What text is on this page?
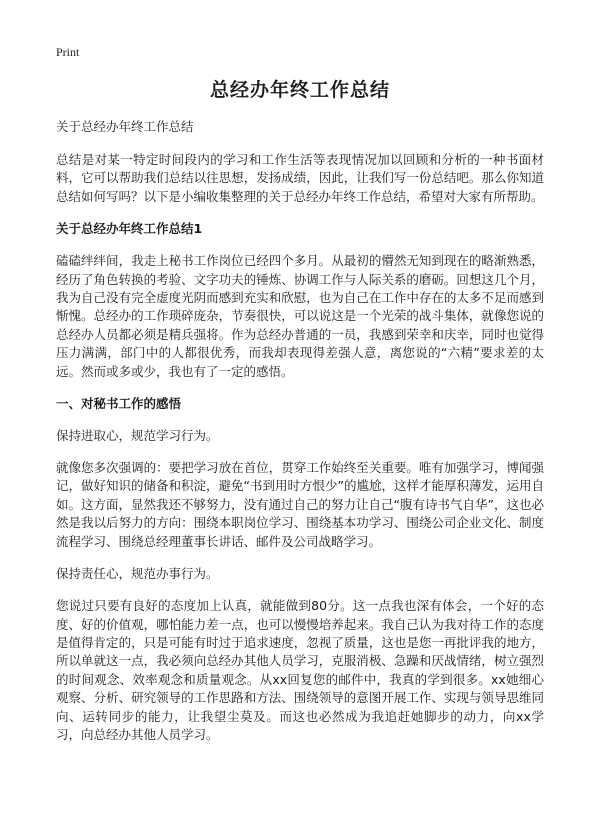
Print
总经办年终工作总结
关于总经办年终工作总结

总结是对某一特定时间段内的学习和工作生活等表现情况加以回顾和分析的一种书面材料，它可以帮助我们总结以往思想，发扬成绩，因此，让我们写一份总结吧。那么你知道总结如何写吗？以下是小编收集整理的关于总经办年终工作总结，希望对大家有所帮助。

关于总经办年终工作总结1

磕磕绊绊间，我走上秘书工作岗位已经四个多月。从最初的懵然无知到现在的略渐熟悉，经历了角色转换的考验、文字功夫的锤炼、协调工作与人际关系的磨砺。回想这几个月，我为自己没有完全虚度光阴而感到充实和欣慰，也为自己在工作中存在的太多不足而感到惭愧。总经办的工作琐碎庞杂，节奏很快，可以说这是一个光荣的战斗集体，就像您说的总经办人员都必须是精兵强将。作为总经办普通的一员，我感到荣幸和庆幸，同时也觉得压力满满，部门中的人都很优秀，而我却表现得差强人意，离您说的“六精”要求差的太远。然而或多或少，我也有了一定的感悟。

一、对秘书工作的感悟
保持进取心，规范学习行为。

就像您多次强调的：要把学习放在首位，贯穿工作始终至关重要。唯有加强学习，博闻强记，做好知识的储备和积淀，避免“书到用时方恨少”的尴尬，这样才能厚积薄发，运用自如。这方面，显然我还不够努力，没有通过自己的努力让自己“腹有诗书气自华”，这也必然是我以后努力的方向：围绕本职岗位学习、围绕基本功学习、围绕公司企业文化、制度流程学习、围绕总经理董事长讲话、邮件及公司战略学习。

保持责任心，规范办事行为。

您说过只要有良好的态度加上认真，就能做到80分。这一点我也深有体会，一个好的态度、好的价值观，哪怕能力差一点，也可以慢慢培养起来。我自己认为我对待工作的态度是值得肯定的，只是可能有时过于追求速度，忽视了质量，这也是您一再批评我的地方，所以单就这一点，我必须向总经办其他人员学习，克服消极、急躁和厌战情绪，树立强烈的时间观念、效率观念和质量观念。从xx回复您的邮件中，我真的学到很多。xx她细心观察、分析、研究领导的工作思路和方法、围绕领导的意图开展工作、实现与领导思维同向、运转同步的能力，让我望尘莫及。而这也必然成为我追赶她脚步的动力，向xx学习，向总经办其他人员学习。
